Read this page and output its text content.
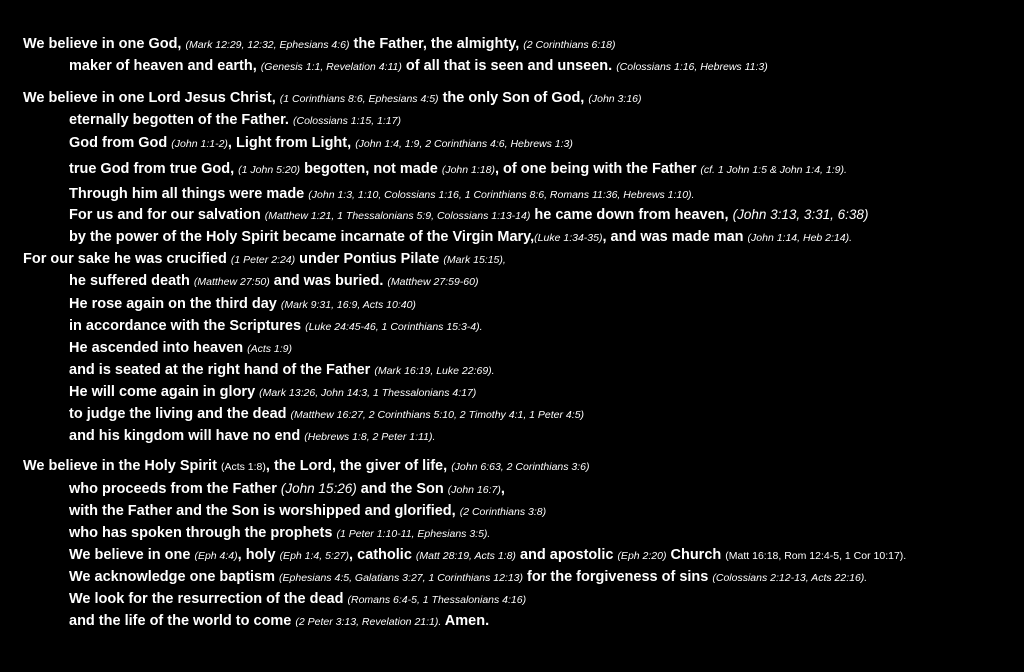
We believe in one God, (Mark 12:29, 12:32, Ephesians 4:6) the Father, the almighty, (2 Corinthians 6:18)
maker of heaven and earth, (Genesis 1:1, Revelation 4:11) of all that is seen and unseen. (Colossians 1:16, Hebrews 11:3)
We believe in one Lord Jesus Christ, (1 Corinthians 8:6, Ephesians 4:5) the only Son of God, (John 3:16)
eternally begotten of the Father. (Colossians 1:15, 1:17)
God from God (John 1:1-2), Light from Light, (John 1:4, 1:9, 2 Corinthians 4:6, Hebrews 1:3)
true God from true God, (1 John 5:20) begotten, not made (John 1:18), of one being with the Father (cf. 1 John 1:5 & John 1:4, 1:9).
Through him all things were made (John 1:3, 1:10, Colossians 1:16, 1 Corinthians 8:6, Romans 11:36, Hebrews 1:10).
For us and for our salvation (Matthew 1:21, 1 Thessalonians 5:9, Colossians 1:13-14) he came down from heaven, (John 3:13, 3:31, 6:38)
by the power of the Holy Spirit became incarnate of the Virgin Mary,(Luke 1:34-35), and was made man (John 1:14, Heb 2:14).
For our sake he was crucified (1 Peter 2:24) under Pontius Pilate (Mark 15:15),
he suffered death (Matthew 27:50) and was buried. (Matthew 27:59-60)
He rose again on the third day (Mark 9:31, 16:9, Acts 10:40)
in accordance with the Scriptures (Luke 24:45-46, 1 Corinthians 15:3-4).
He ascended into heaven (Acts 1:9)
and is seated at the right hand of the Father (Mark 16:19, Luke 22:69).
He will come again in glory (Mark 13:26, John 14:3, 1 Thessalonians 4:17)
to judge the living and the dead (Matthew 16:27, 2 Corinthians 5:10, 2 Timothy 4:1, 1 Peter 4:5)
and his kingdom will have no end (Hebrews 1:8, 2 Peter 1:11).
We believe in the Holy Spirit (Acts 1:8), the Lord, the giver of life, (John 6:63, 2 Corinthians 3:6)
who proceeds from the Father (John 15:26) and the Son (John 16:7),
with the Father and the Son is worshipped and glorified, (2 Corinthians 3:8)
who has spoken through the prophets (1 Peter 1:10-11, Ephesians 3:5).
We believe in one (Eph 4:4), holy (Eph 1:4, 5:27), catholic (Matt 28:19, Acts 1:8) and apostolic (Eph 2:20) Church (Matt 16:18, Rom 12:4-5, 1 Cor 10:17).
We acknowledge one baptism (Ephesians 4:5, Galatians 3:27, 1 Corinthians 12:13) for the forgiveness of sins (Colossians 2:12-13, Acts 22:16).
We look for the resurrection of the dead (Romans 6:4-5, 1 Thessalonians 4:16)
and the life of the world to come (2 Peter 3:13, Revelation 21:1). Amen.
